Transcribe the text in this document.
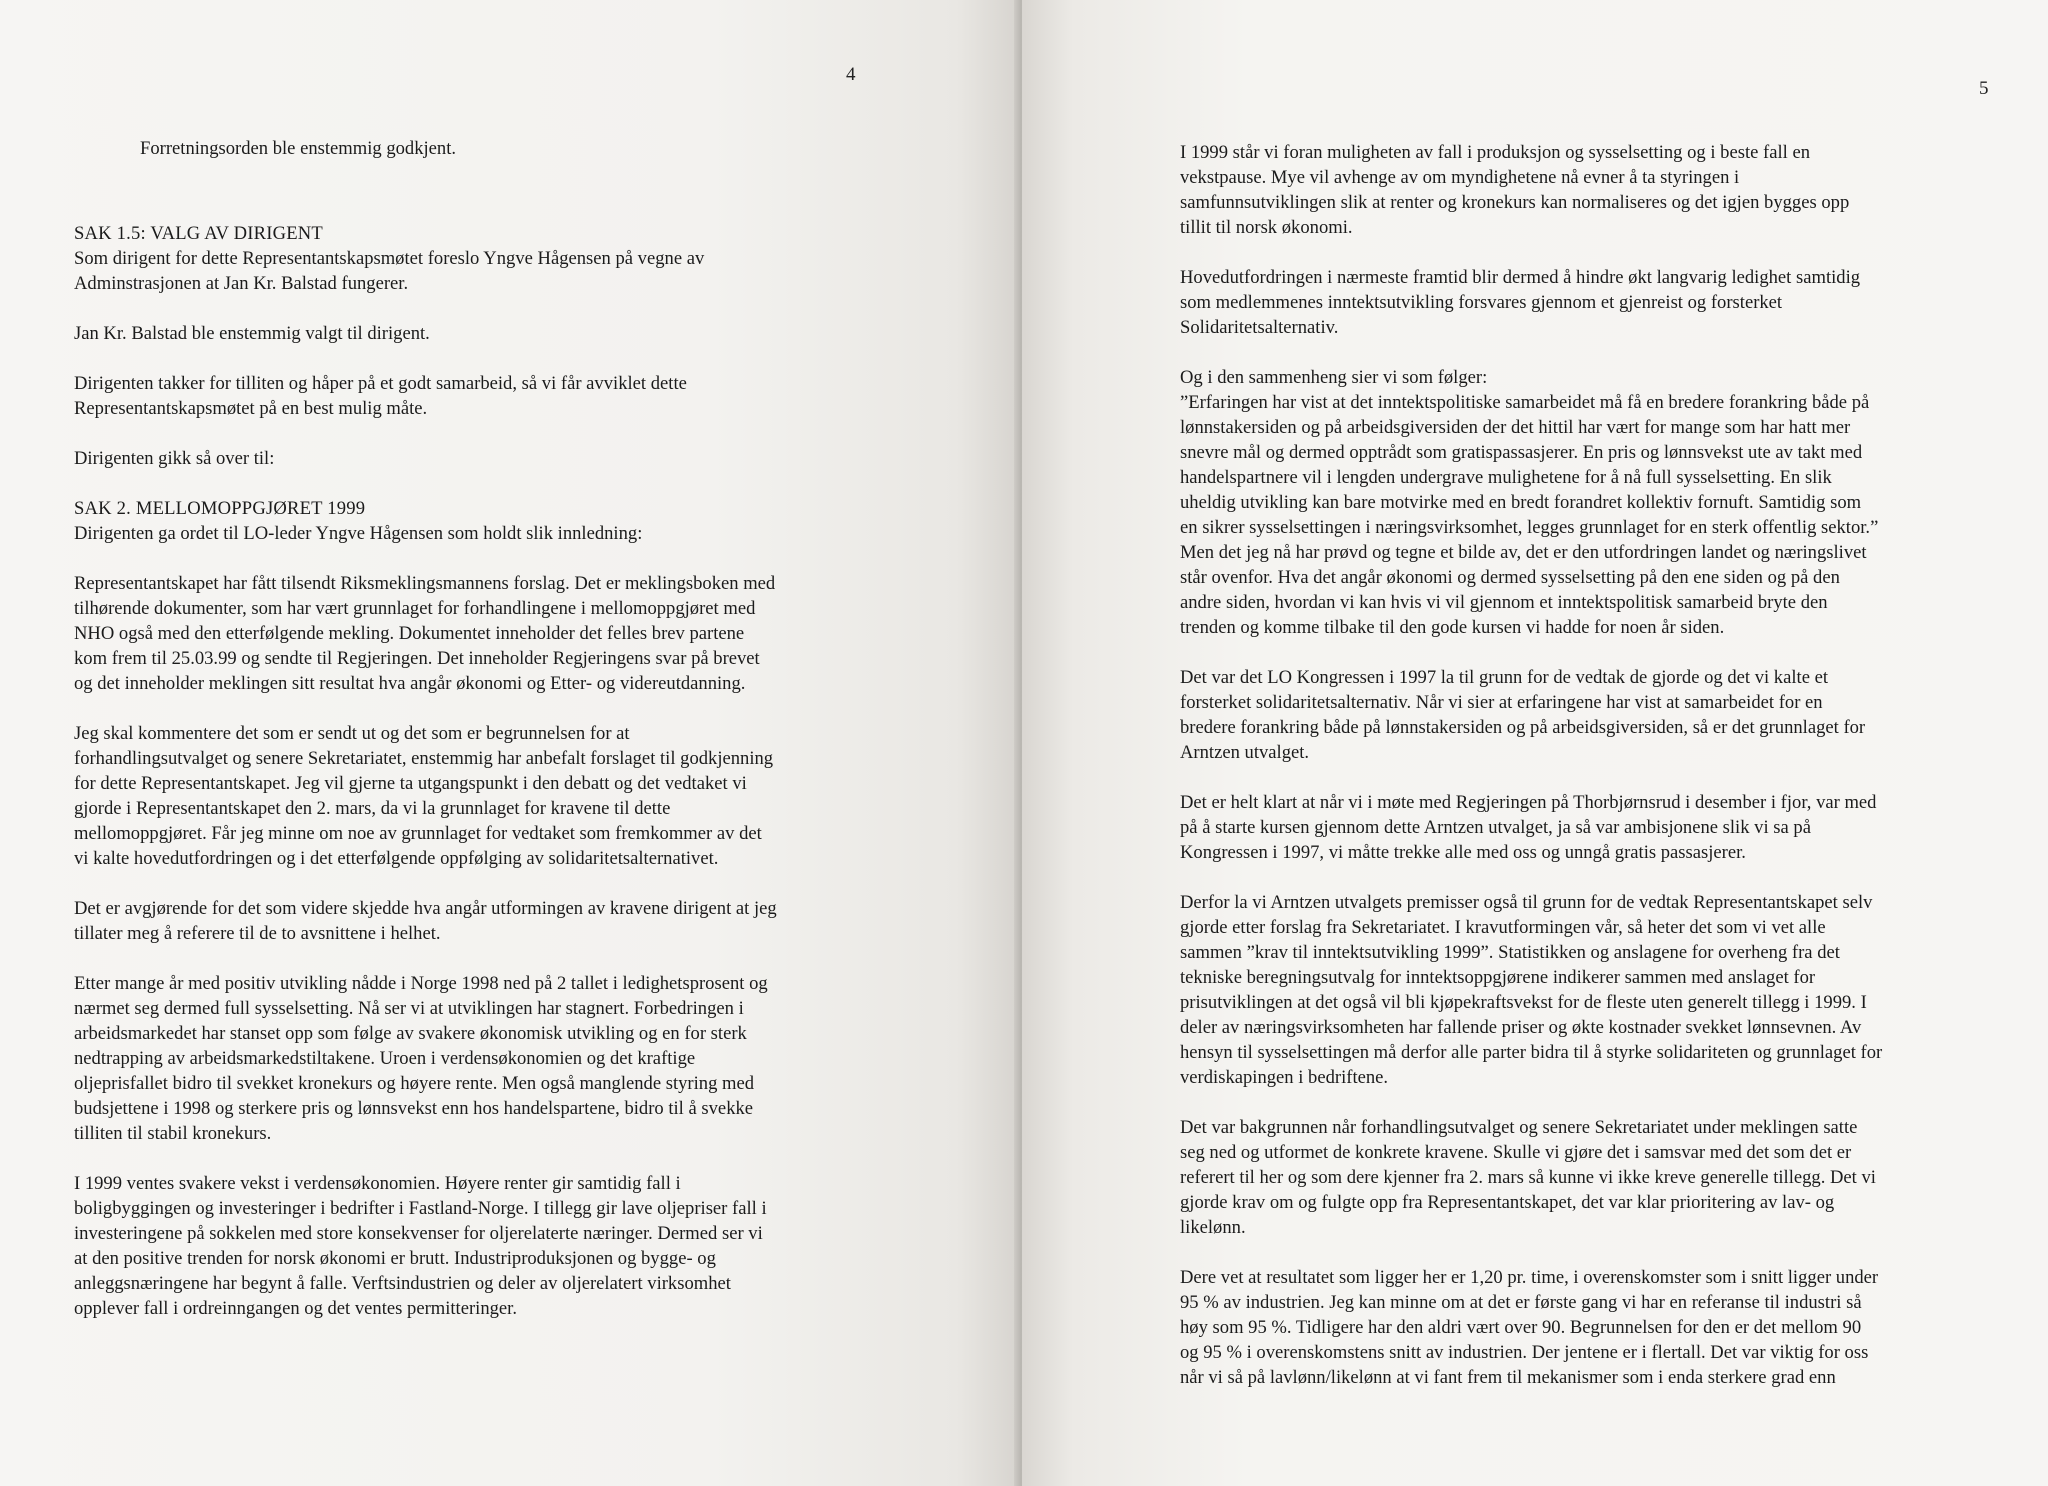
4

Forretningsorden ble enstemmig godkjent.

SAK 1.5: VALG AV DIRIGENT

Som dirigent for dette Representantskapsmøtet foreslo Yngve Hågensen på vegne av
Adminstrasjonen at Jan Kr. Balstad fungerer.

Jan Kr. Balstad ble enstemmig valgt til dirigent.

Dirigenten takker for tilliten og håper på et godt samarbeid, så vi får avviklet dette
Representantskapsmøtet på en best mulig måte.

Dirigenten gikk så over til:

SAK 2. MELLOMOPPGJØRET 1999

Dirigenten ga ordet til LO-leder Yngve Hågensen som holdt slik innledning:

Representantskapet har fått tilsendt Riksmeklingsmannens forslag. Det er meklingsboken med
tilhørende dokumenter, som har vært grunnlaget for forhandlingene i mellomoppgjøret med
NHO også med den etterfølgende mekling. Dokumentet inneholder det felles brev partene
kom frem til 25.03.99 og sendte til Regjeringen. Det inneholder Regjeringens svar på brevet
og det inneholder meklingen sitt resultat hva angår økonomi og Etter- og videreutdanning.

Jeg skal kommentere det som er sendt ut og det som er begrunnelsen for at
forhandlingsutvalget og senere Sekretariatet, enstemmig har anbefalt forslaget til godkjenning
for dette Representantskapet. Jeg vil gjerne ta utgangspunkt i den debatt og det vedtaket vi
gjorde i Representantskapet den 2. mars, da vi la grunnlaget for kravene til dette
mellomoppgjøret. Får jeg minne om noe av grunnlaget for vedtaket som fremkommer av det
vi kalte hovedutfordringen og i det etterfølgende oppfølging av solidaritetsalternativet.

Det er avgjørende for det som videre skjedde hva angår utformingen av kravene dirigent at jeg
tillater meg å referere til de to avsnittene i helhet.

Etter mange år med positiv utvikling nådde i Norge 1998 ned på 2 tallet i ledighetsprosent og
nærmet seg dermed full sysselsetting. Nå ser vi at utviklingen har stagnert. Forbedringen i
arbeidsmarkedet har stanset opp som følge av svakere økonomisk utvikling og en for sterk
nedtrapping av arbeidsmarkedstiltakene. Uroen i verdensøkonomien og det kraftige
oljeprisfallet bidro til svekket kronekurs og høyere rente. Men også manglende styring med
budsjettene i 1998 og sterkere pris og lønnsvekst enn hos handelspartene, bidro til å svekke
tilliten til stabil kronekurs.

I 1999 ventes svakere vekst i verdensøkonomien. Høyere renter gir samtidig fall i
boligbyggingen og investeringer i bedrifter i Fastland-Norge. I tillegg gir lave oljepriser fall i
investeringene på sokkelen med store konsekvenser for oljerelaterte næringer. Dermed ser vi
at den positive trenden for norsk økonomi er brutt. Industriproduksjonen og bygge- og
anleggsnæringene har begynt å falle. Verftsindustrien og deler av oljerelatert virksomhet
opplever fall i ordreinngangen og det ventes permitteringer.

5

I 1999 står vi foran muligheten av fall i produksjon og sysselsetting og i beste fall en
vekstpause. Mye vil avhenge av om myndighetene nå evner å ta styringen i
samfunnsutviklingen slik at renter og kronekurs kan normaliseres og det igjen bygges opp
tillit til norsk økonomi.

Hovedutfordringen i nærmeste framtid blir dermed å hindre økt langvarig ledighet samtidig
som medlemmenes inntektsutvikling forsvares gjennom et gjenreist og forsterket
Solidaritetsalternativ.

Og i den sammenheng sier vi som følger:
”Erfaringen har vist at det inntektspolitiske samarbeidet må få en bredere forankring både på
lønnstakersiden og på arbeidsgiversiden der det hittil har vært for mange som har hatt mer
snevre mål og dermed opptrådt som gratispassasjerer. En pris og lønnsvekst ute av takt med
handelspartnere vil i lengden undergrave mulighetene for å nå full sysselsetting. En slik
uheldig utvikling kan bare motvirke med en bredt forandret kollektiv fornuft. Samtidig som
en sikrer sysselsettingen i næringsvirksomhet, legges grunnlaget for en sterk offentlig sektor.”
Men det jeg nå har prøvd og tegne et bilde av, det er den utfordringen landet og næringslivet
står ovenfor. Hva det angår økonomi og dermed sysselsetting på den ene siden og på den
andre siden, hvordan vi kan hvis vi vil gjennom et inntektspolitisk samarbeid bryte den
trenden og komme tilbake til den gode kursen vi hadde for noen år siden.

Det var det LO Kongressen i 1997 la til grunn for de vedtak de gjorde og det vi kalte et
forsterket solidaritetsalternativ. Når vi sier at erfaringene har vist at samarbeidet for en
bredere forankring både på lønnstakersiden og på arbeidsgiversiden, så er det grunnlaget for
Arntzen utvalget.

Det er helt klart at når vi i møte med Regjeringen på Thorbjørnsrud i desember i fjor, var med
på å starte kursen gjennom dette Arntzen utvalget, ja så var ambisjonene slik vi sa på
Kongressen i 1997, vi måtte trekke alle med oss og unngå gratis passasjerer.

Derfor la vi Arntzen utvalgets premisser også til grunn for de vedtak Representantskapet selv
gjorde etter forslag fra Sekretariatet. I kravutformingen vår, så heter det som vi vet alle
sammen ”krav til inntektsutvikling 1999”. Statistikken og anslagene for overheng fra det
tekniske beregningsutvalg for inntektsoppgjørene indikerer sammen med anslaget for
prisutviklingen at det også vil bli kjøpekraftsvekst for de fleste uten generelt tillegg i 1999. I
deler av næringsvirksomheten har fallende priser og økte kostnader svekket lønnsevnen. Av
hensyn til sysselsettingen må derfor alle parter bidra til å styrke solidariteten og grunnlaget for
verdiskapingen i bedriftene.

Det var bakgrunnen når forhandlingsutvalget og senere Sekretariatet under meklingen satte
seg ned og utformet de konkrete kravene. Skulle vi gjøre det i samsvar med det som det er
referert til her og som dere kjenner fra 2. mars så kunne vi ikke kreve generelle tillegg. Det vi
gjorde krav om og fulgte opp fra Representantskapet, det var klar prioritering av lav- og
likelønn.

Dere vet at resultatet som ligger her er 1,20 pr. time, i overenskomster som i snitt ligger under
95 % av industrien. Jeg kan minne om at det er første gang vi har en referanse til industri så
høy som 95 %. Tidligere har den aldri vært over 90. Begrunnelsen for den er det mellom 90
og 95 % i overenskomstens snitt av industrien. Der jentene er i flertall. Det var viktig for oss
når vi så på lavlønn/likelønn at vi fant frem til mekanismer som i enda sterkere grad enn
